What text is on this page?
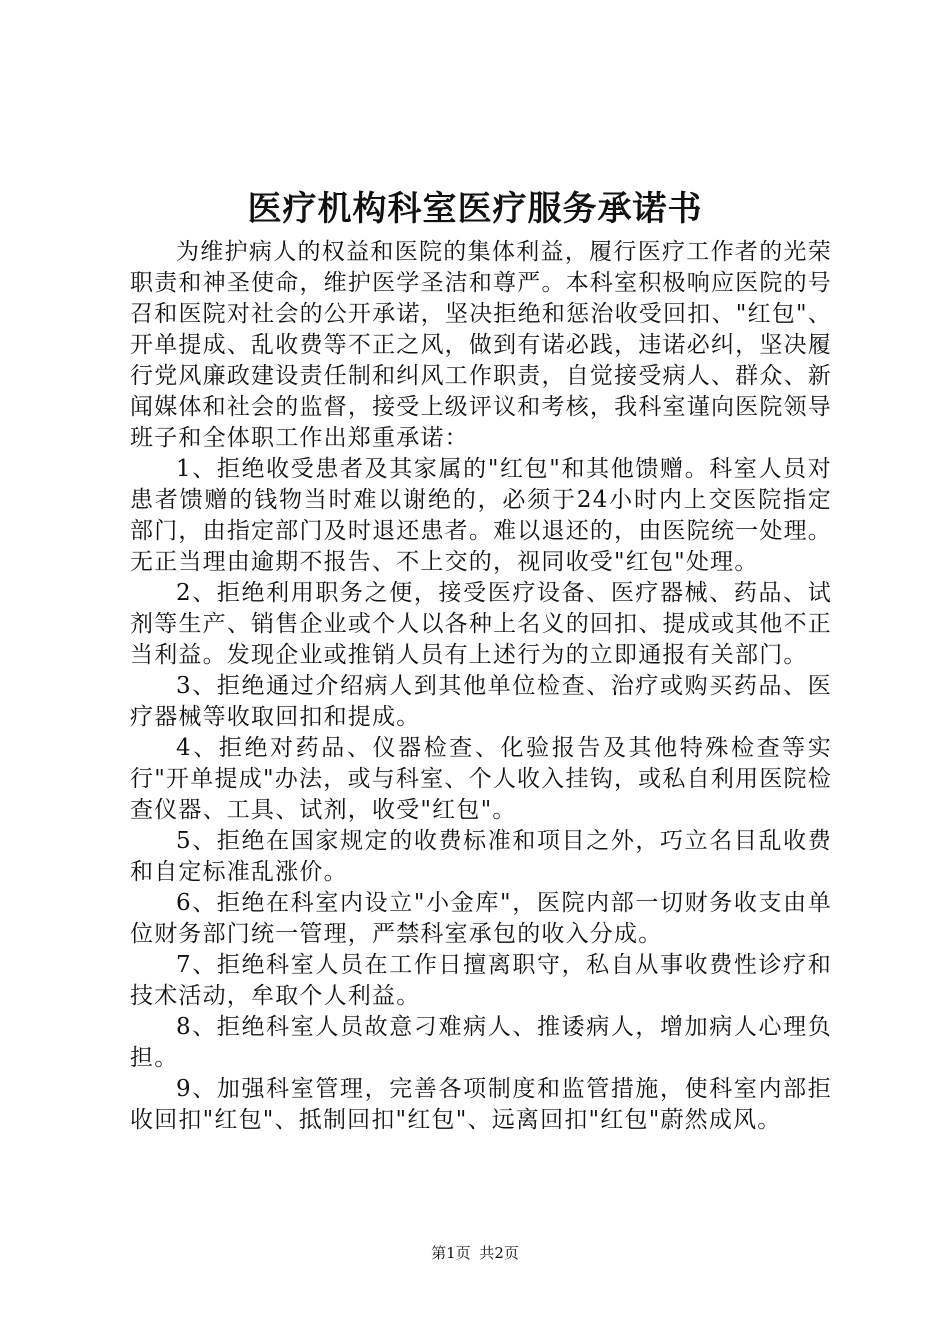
医疗机构科室医疗服务承诺书

为维护病人的权益和医院的集体利益，履行医疗工作者的光荣职责和神圣使命，维护医学圣洁和尊严。本科室积极响应医院的号召和医院对社会的公开承诺，坚决拒绝和惩治收受回扣、"红包"、开单提成、乱收费等不正之风，做到有诺必践，违诺必纠，坚决履行党风廉政建设责任制和纠风工作职责，自觉接受病人、群众、新闻媒体和社会的监督，接受上级评议和考核，我科室谨向医院领导班子和全体职工作出郑重承诺：

1、拒绝收受患者及其家属的"红包"和其他馈赠。科室人员对患者馈赠的钱物当时难以谢绝的，必须于24小时内上交医院指定部门，由指定部门及时退还患者。难以退还的，由医院统一处理。无正当理由逾期不报告、不上交的，视同收受"红包"处理。

2、拒绝利用职务之便，接受医疗设备、医疗器械、药品、试剂等生产、销售企业或个人以各种上名义的回扣、提成或其他不正当利益。发现企业或推销人员有上述行为的立即通报有关部门。

3、拒绝通过介绍病人到其他单位检查、治疗或购买药品、医疗器械等收取回扣和提成。

4、拒绝对药品、仪器检查、化验报告及其他特殊检查等实行"开单提成"办法，或与科室、个人收入挂钩，或私自利用医院检查仪器、工具、试剂，收受"红包"。

5、拒绝在国家规定的收费标准和项目之外，巧立名目乱收费和自定标准乱涨价。

6、拒绝在科室内设立"小金库"，医院内部一切财务收支由单位财务部门统一管理，严禁科室承包的收入分成。

7、拒绝科室人员在工作日擅离职守，私自从事收费性诊疗和技术活动，牟取个人利益。

8、拒绝科室人员故意刁难病人、推诿病人，增加病人心理负担。

9、加强科室管理，完善各项制度和监管措施，使科室内部拒收回扣"红包"、抵制回扣"红包"、远离回扣"红包"蔚然成风。

第1页 共2页
